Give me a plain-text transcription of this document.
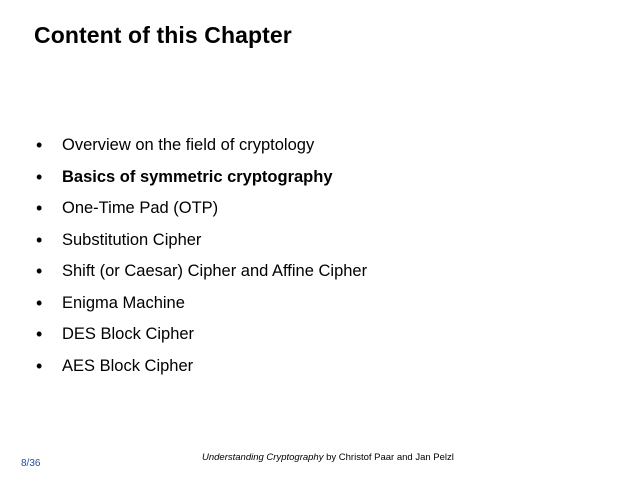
Content of this Chapter
• Overview on the field of cryptology
• Basics of symmetric cryptography
• One-Time Pad (OTP)
• Substitution Cipher
• Shift (or Caesar) Cipher and Affine Cipher
• Enigma Machine
• DES Block Cipher
• AES Block Cipher
8/36
Understanding Cryptography by Christof Paar and Jan Pelzl
